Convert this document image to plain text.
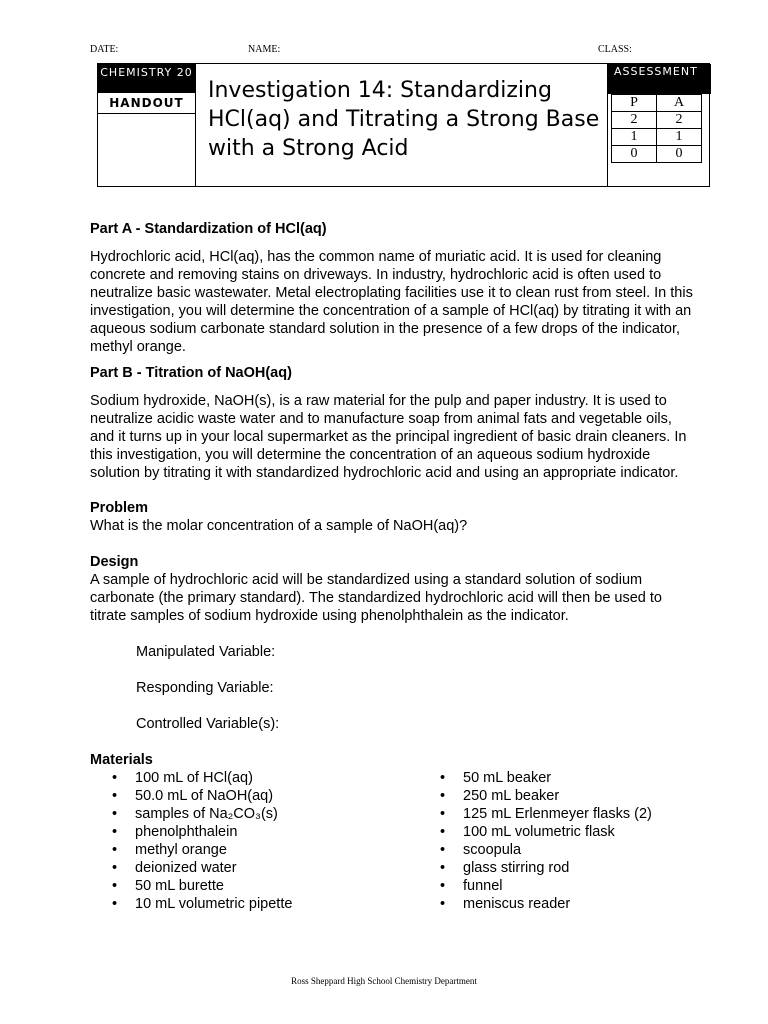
DATE:	NAME:	CLASS:
CHEMISTRY 20
HANDOUT	Investigation 14: Standardizing HCl(aq) and Titrating a Strong Base with a Strong Acid
ASSESSMENT
P	A
2	2
1	1
0	0
Part A - Standardization of HCl(aq)

Hydrochloric acid, HCl(aq), has the common name of muriatic acid. It is used for cleaning concrete and removing stains on driveways. In industry, hydrochloric acid is often used to neutralize basic wastewater. Metal electroplating facilities use it to clean rust from steel. In this investigation, you will determine the concentration of a sample of HCl(aq) by titrating it with an aqueous sodium carbonate standard solution in the presence of a few drops of the indicator, methyl orange.

Part B - Titration of NaOH(aq)

Sodium hydroxide, NaOH(s), is a raw material for the pulp and paper industry. It is used to neutralize acidic waste water and to manufacture soap from animal fats and vegetable oils, and it turns up in your local supermarket as the principal ingredient of basic drain cleaners. In this investigation, you will determine the concentration of an aqueous sodium hydroxide solution by titrating it with standardized hydrochloric acid and using an appropriate indicator.

Problem

What is the molar concentration of a sample of NaOH(aq)?

Design

A sample of hydrochloric acid will be standardized using a standard solution of sodium carbonate (the primary standard). The standardized hydrochloric acid will then be used to titrate samples of sodium hydroxide using phenolphthalein as the indicator.

Manipulated Variable:

Responding Variable:

Controlled Variable(s):

Materials
• 100 mL of HCl(aq)
• 50.0 mL of NaOH(aq)
• samples of Na₂CO₃(s)
• phenolphthalein
• methyl orange
• deionized water
• 50 mL burette
• 10 mL volumetric pipette
• 50 mL beaker
• 250 mL beaker
• 125 mL Erlenmeyer flasks (2)
• 100 mL volumetric flask
• scoopula
• glass stirring rod
• funnel
• meniscus reader
Ross Sheppard High School Chemistry Department
